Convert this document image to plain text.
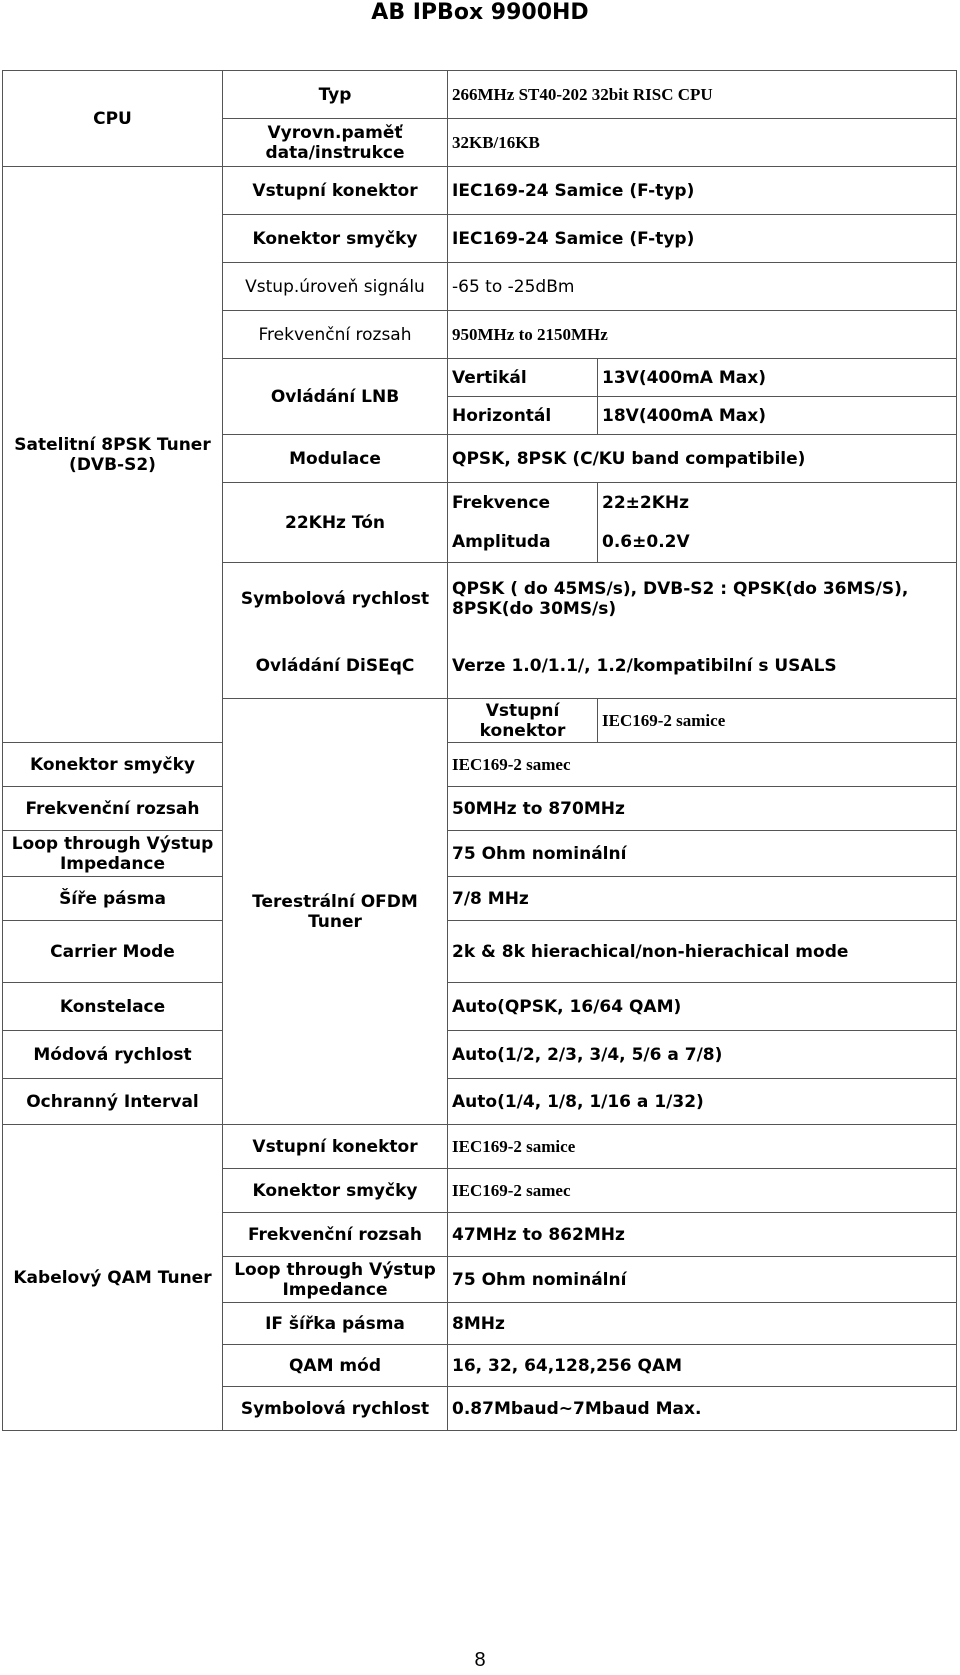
AB IPBox 9900HD
CPU	Typ	266MHz ST40-202 32bit RISC CPU	
	Vyrovn.paměť data/instrukce	32KB/16KB	
Satelitní 8PSK Tuner (DVB-S2)	Vstupní konektor	IEC169-24 Samice (F-typ)	
	Konektor smyčky	IEC169-24 Samice (F-typ)	
	Vstup.úroveň signálu	-65 to -25dBm	
	Frekvenční rozsah	950MHz to 2150MHz	
	Ovládání LNB	Vertikál	13V(400mA Max)
		Horizontál	18V(400mA Max)
	Modulace	QPSK, 8PSK (C/KU band compatibile)	
	22KHz Tón	Frekvence	22±2KHz
		Amplituda	0.6±0.2V
	Symbolová rychlost	QPSK ( do 45MS/s), DVB-S2 : QPSK(do 36MS/S), 8PSK(do 30MS/s)	
	Ovládání DiSEqC	Verze 1.0/1.1/, 1.2/kompatibilní s USALS	
	Terestrální OFDM Tuner	Vstupní konektor	IEC169-2 samice
Konektor smyčky		IEC169-2 samec	
Frekvenční rozsah		50MHz to 870MHz	
Loop through Výstup Impedance		75 Ohm nominální	
Šíře pásma		7/8 MHz	
Carrier Mode		2k & 8k hierachical/non-hierachical mode	
Konstelace		Auto(QPSK, 16/64 QAM)	
Módová rychlost		Auto(1/2, 2/3, 3/4, 5/6 a 7/8)	
Ochranný Interval		Auto(1/4, 1/8, 1/16 a 1/32)	
Kabelový QAM Tuner	Vstupní konektor	IEC169-2 samice	
	Konektor smyčky	IEC169-2 samec	
	Frekvenční rozsah	47MHz to 862MHz	
	Loop through Výstup Impedance	75 Ohm nominální	
	IF šířka pásma	8MHz	
	QAM mód	16, 32, 64,128,256 QAM	
	Symbolová rychlost	0.87Mbaud~7Mbaud Max.	
8
